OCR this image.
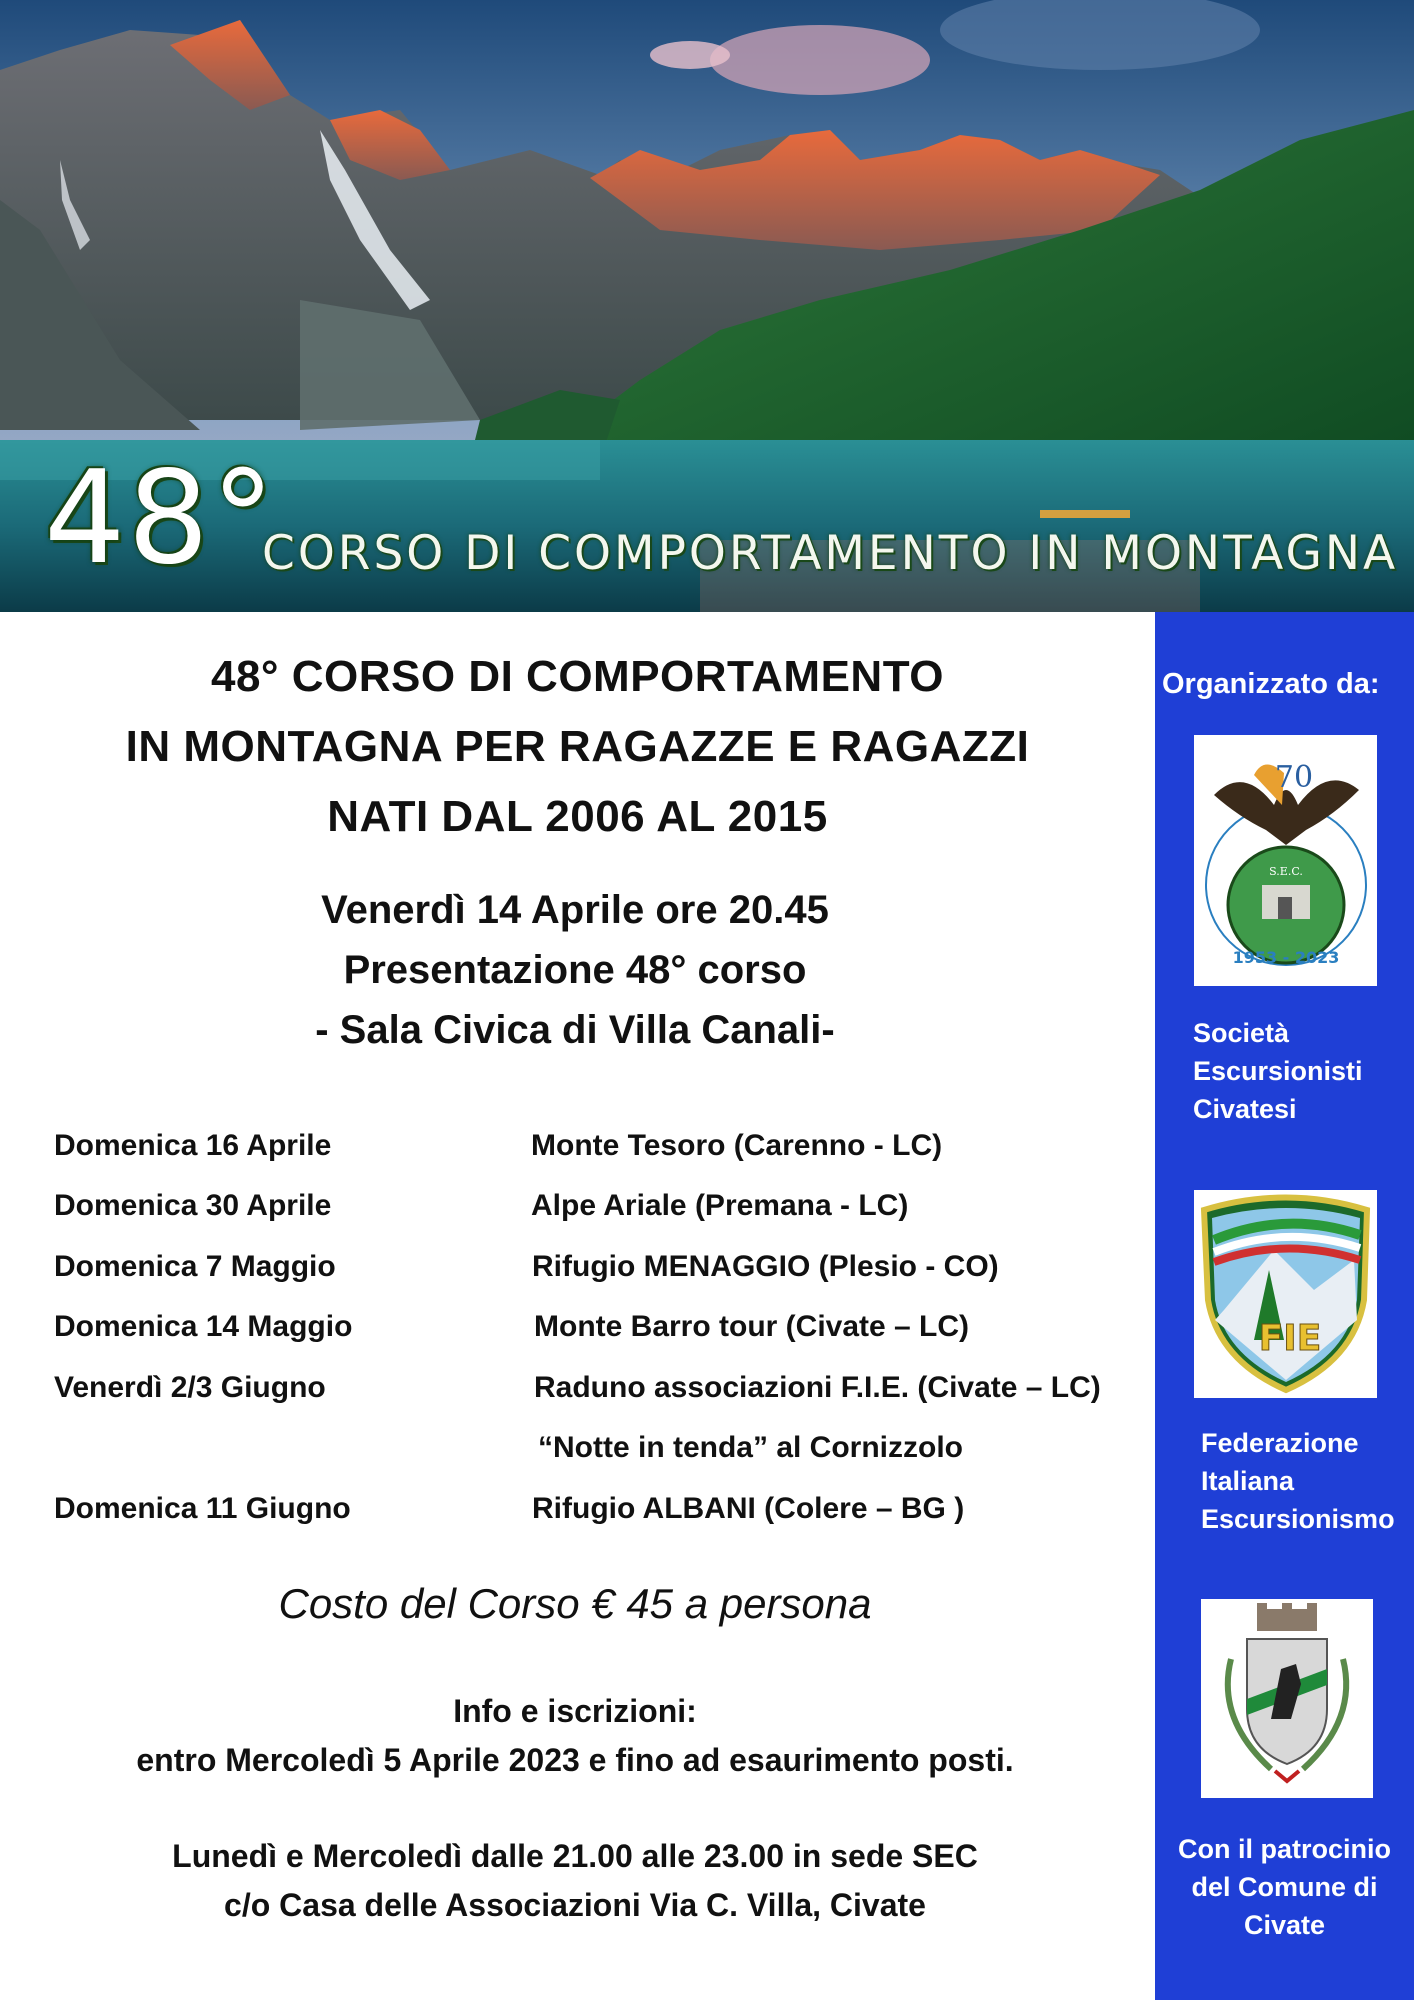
48°
CORSO DI COMPORTAMENTO IN MONTAGNA
48° CORSO DI COMPORTAMENTO
IN MONTAGNA PER RAGAZZE E RAGAZZI
NATI DAL 2006 AL 2015
Venerdì 14 Aprile ore 20.45
Presentazione 48° corso
- Sala Civica di Villa Canali-
Domenica 16 Aprile	Monte Tesoro (Carenno - LC)
Domenica 30 Aprile	Alpe Ariale (Premana - LC)
Domenica 7 Maggio	Rifugio MENAGGIO (Plesio - CO)
Domenica 14 Maggio	Monte Barro tour (Civate – LC)
Venerdì 2/3 Giugno	Raduno associazioni F.I.E. (Civate – LC)
“Notte in tenda” al Cornizzolo
Domenica 11 Giugno	Rifugio ALBANI (Colere – BG )
Costo del Corso € 45 a persona
Info e iscrizioni:
entro Mercoledì 5 Aprile 2023 e fino ad esaurimento posti.
Lunedì e Mercoledì dalle 21.00 alle 23.00 in sede SEC
c/o Casa delle Associazioni Via C. Villa, Civate
Organizzato da:
S.E.C.
70
1953 - 2023
Società
Escursionisti
Civatesi
FIE
Federazione
Italiana
Escursionismo
Con il patrocinio
del Comune di
Civate
